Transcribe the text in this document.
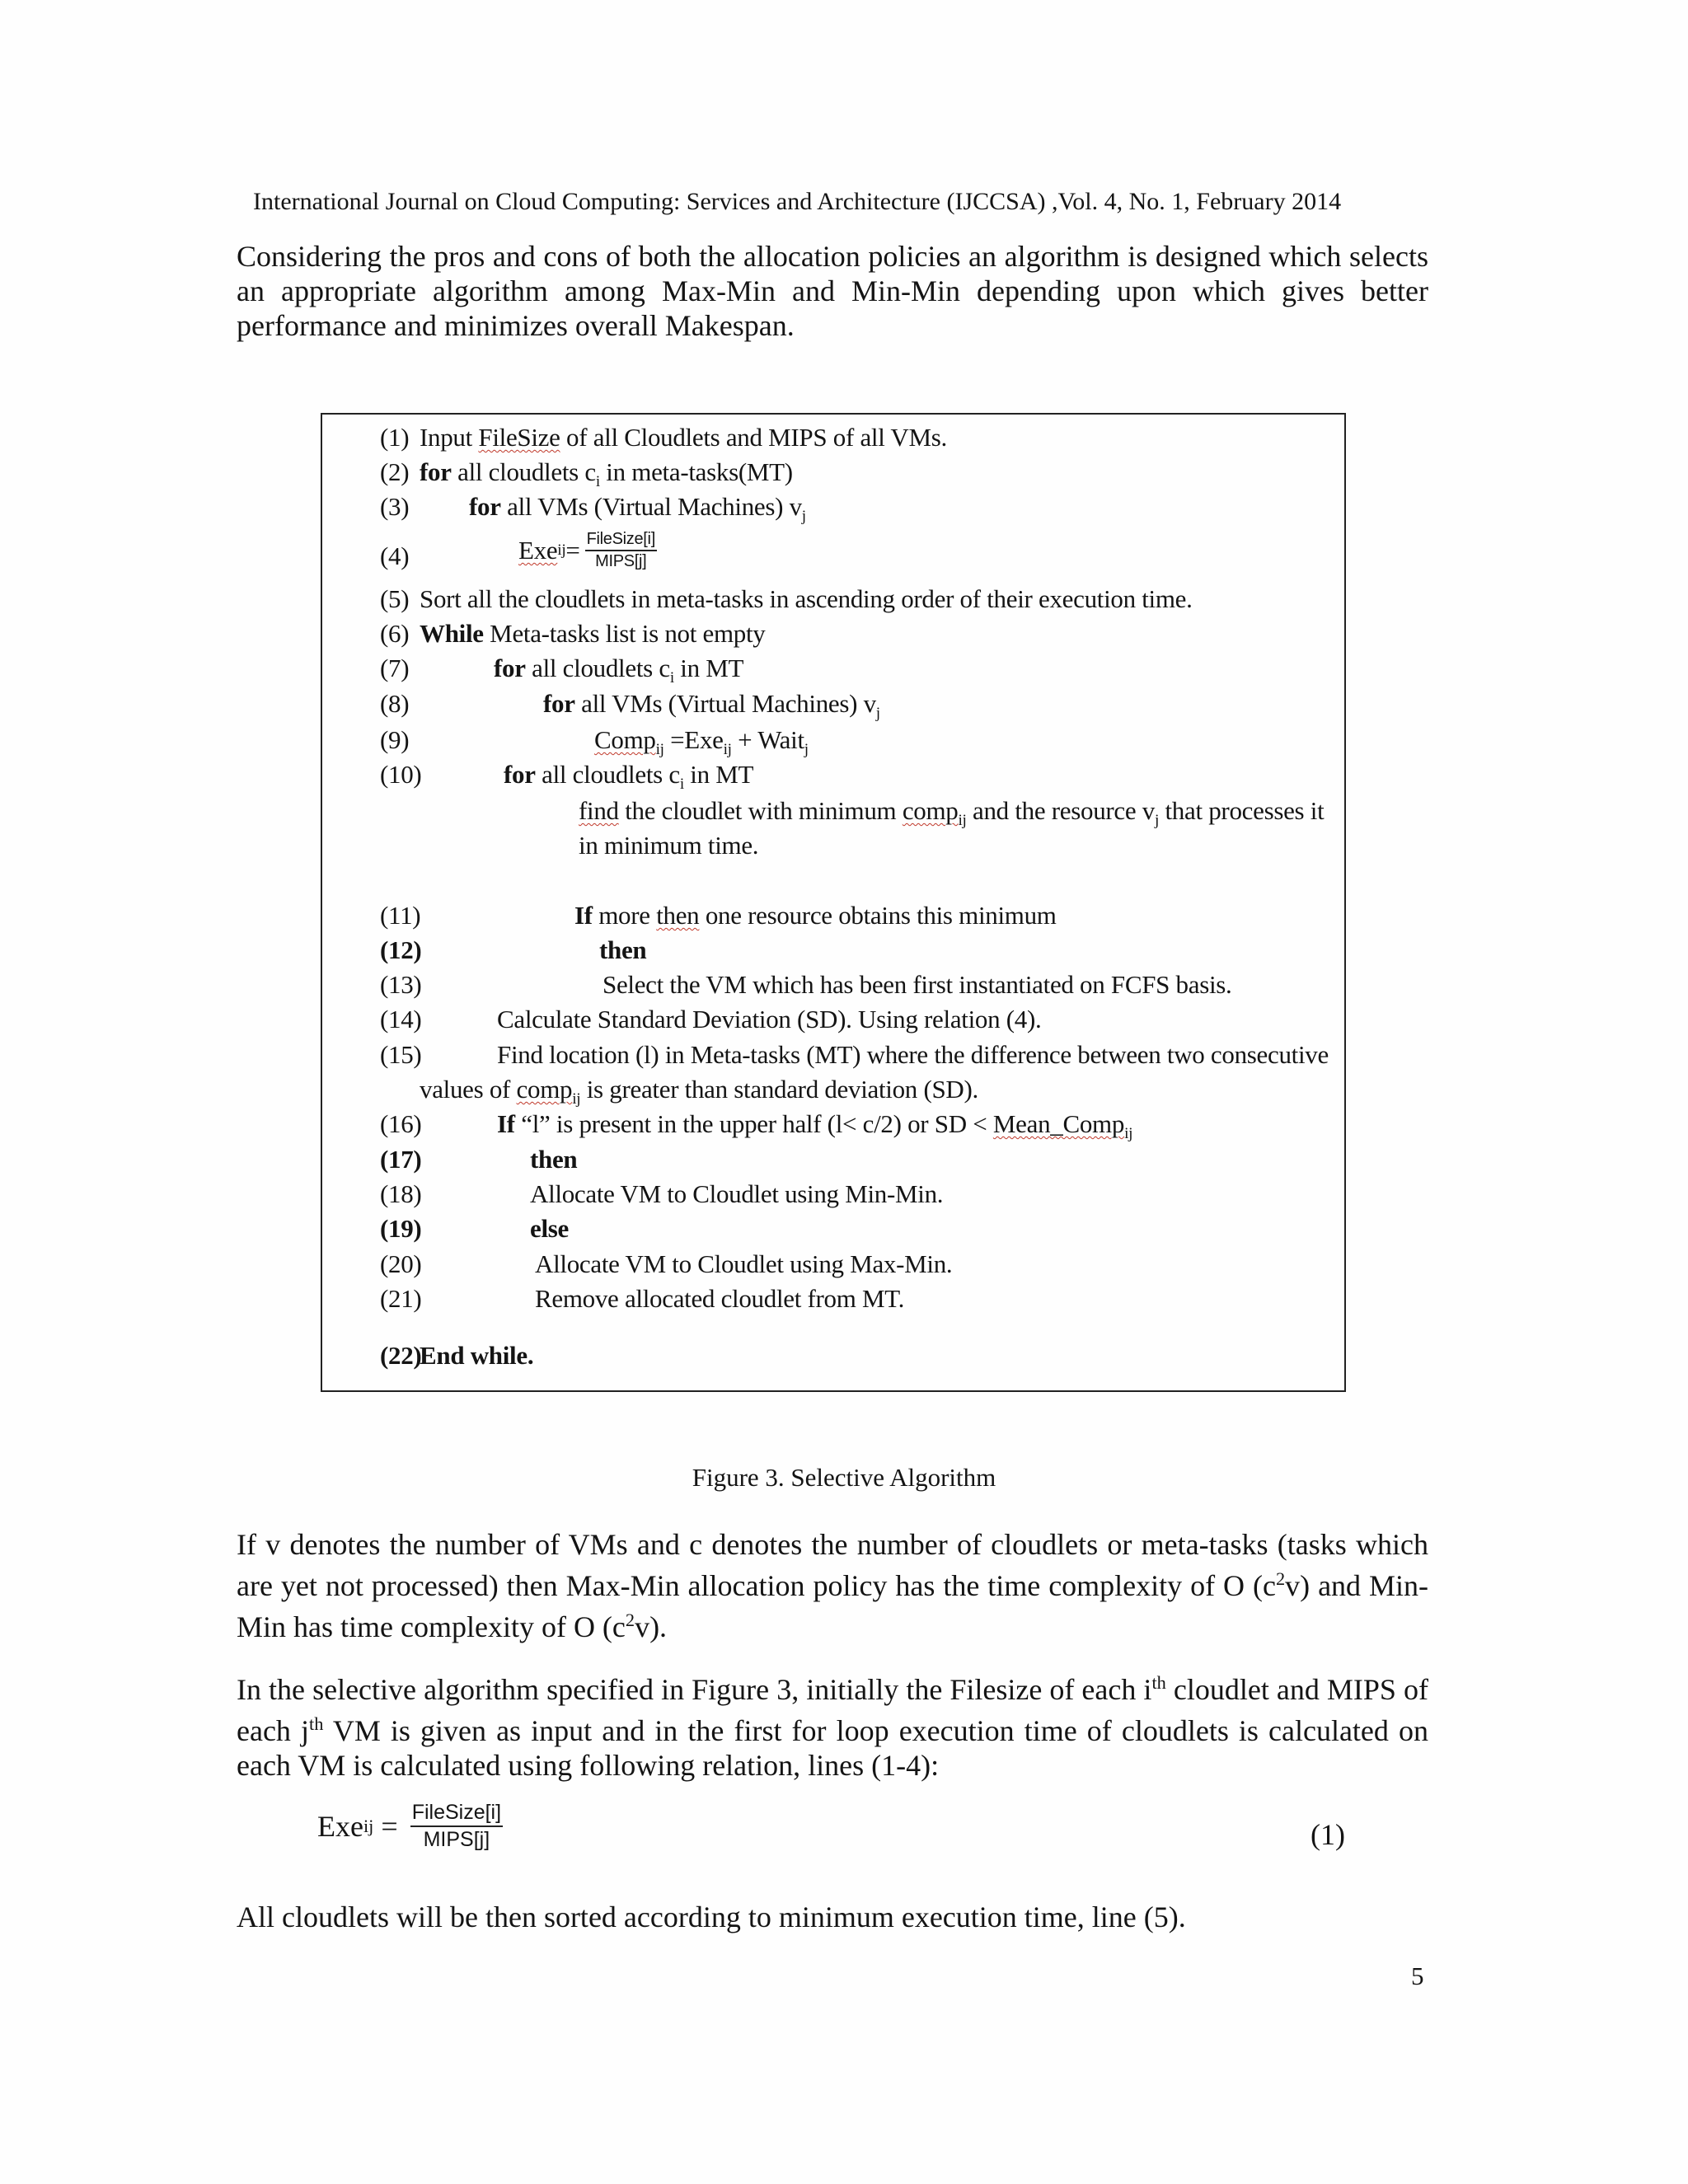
International Journal on Cloud Computing: Services and Architecture (IJCCSA) ,Vol. 4, No. 1, February 2014
Considering the pros and cons of both the allocation policies an algorithm is designed which selects an appropriate algorithm among Max-Min and Min-Min depending upon which gives better performance and minimizes overall Makespan.
(1) Input FileSize of all Cloudlets and MIPS of all VMs.
(2) for all cloudlets $c_i$ in meta-tasks(MT)
(3) for all VMs (Virtual Machines) $v_j$
(4)	Exe ij = $\frac{\text{FileSize[i]}}{\text{MIPS[j]}}$
(5) Sort all the cloudlets in meta-tasks in ascending order of their execution time.
(6) While Meta-tasks list is not empty
(7)	for all cloudlets $c_i$ in MT
(8)	for all VMs (Virtual Machines) $v_j$
(9)	Comp$_{ij}$ =Exe$_{ij}$ + Wait$_j$
(10)	for all cloudlets $c_i$ in MT
find the cloudlet with minimum comp$_{ij}$ and the resource $v_j$ that processes it
in minimum time.
(11)	If more then one resource obtains this minimum
(12)	then
(13)	Select the VM which has been first instantiated on FCFS basis.
(14)	Calculate Standard Deviation (SD). Using relation (4).
(15)	Find location (l) in Meta-tasks (MT) where the difference between two consecutive
values of comp$_{ij}$ is greater than standard deviation (SD).
(16)	If “l” is present in the upper half (l< c/2) or SD < Mean_Comp$_{ij}$
(17)	then
(18)	Allocate VM to Cloudlet using Min-Min.
(19)	else
(20)	Allocate VM to Cloudlet using Max-Min.
(21)	Remove allocated cloudlet from MT.
(22)
End while.
Figure 3. Selective Algorithm
If v denotes the number of VMs and c denotes the number of cloudlets or meta-tasks (tasks which are yet not processed) then Max-Min allocation policy has the time complexity of O $(c^2v)$ and Min-Min has time complexity of O $(c^2v)$.
In the selective algorithm specified in Figure 3, initially the Filesize of each $i^{th}$ cloudlet and MIPS of each $j^{th}$ VM is given as input and in the first for loop execution time of cloudlets is calculated on each VM is calculated using following relation, lines (1-4):
Exe ij = $\frac{\text{FileSize[i]}}{\text{MIPS[j]}}$	(1)
All cloudlets will be then sorted according to minimum execution time, line (5).
5
